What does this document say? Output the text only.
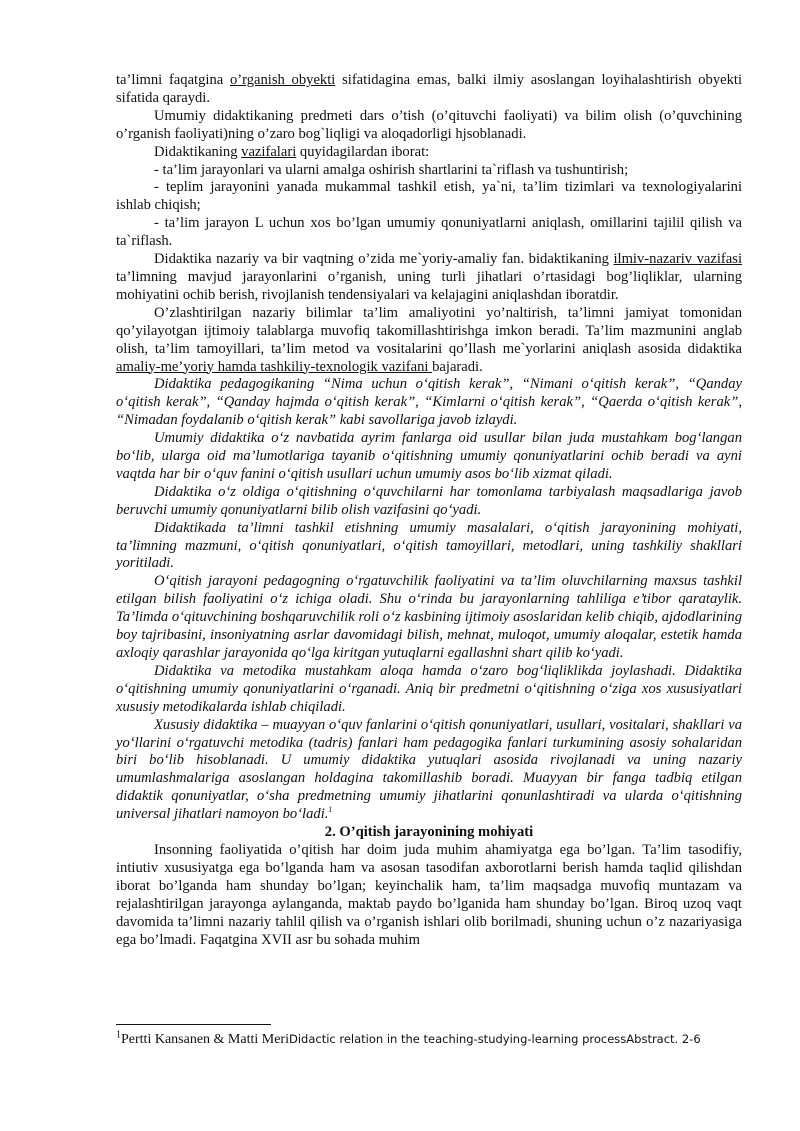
ta’limni faqatgina o’rganish obyekti sifatidagina emas, balki ilmiy asoslangan loyihalashtirish obyekti sifatida qaraydi.

Umumiy didaktikaning predmeti dars o’tish (o’qituvchi faoliyati) va bilim olish (o’quvchining o’rganish faoliyati)ning o’zaro bog`liqligi va aloqadorligi hjsoblanadi.

Didaktikaning vazifalari quyidagilardan iborat:

- ta’lim jarayonlari va ularni amalga oshirish shartlarini ta`riflash va tushuntirish;

- teplim jarayonini yanada mukammal tashkil etish, ya`ni, ta’lim tizimlari va texnologiyalarini ishlab chiqish;

- ta’lim jarayon L uchun xos bo’lgan umumiy qonuniyatlarni aniqlash, omillarini tajilil qilish va ta`riflash.

Didaktika nazariy va bir vaqtning o’zida me`yoriy-amaliy fan. bidaktikaning ilmiv-nazariv vazifasi ta’limning mavjud jarayonlarini o’rganish, uning turli jihatlari o’rtasidagi bog’liqliklar, ularning mohiyatini ochib berish, rivojlanish tendensiyalari va kelajagini aniqlashdan iboratdir.

O’zlashtirilgan nazariy bilimlar ta’lim amaliyotini yo’naltirish, ta’limni jamiyat tomonidan qo’yilayotgan ijtimoiy talablarga muvofiq takomillashtirishga imkon beradi. Ta’lim mazmunini anglab olish, ta’lim tamoyillari, ta’lim metod va vositalarini qo’llash me`yorlarini aniqlash asosida didaktika amaliy-me’yoriy hamda tashkiliy-texnologik vazifani bajaradi.

Didaktika pedagogikaning “Nima uchun o‘qitish kerak”, “Nimani o‘qitish kerak”, “Qanday o‘qitish kerak”, “Qanday hajmda o‘qitish kerak”, “Kimlarni o‘qitish kerak”, “Qaerda o‘qitish kerak”, “Nimadan foydalanib o‘qitish kerak” kabi savollariga javob izlaydi.

Umumiy didaktika o‘z navbatida ayrim fanlarga oid usullar bilan juda mustahkam bog‘langan bo‘lib, ularga oid ma’lumotlariga tayanib o‘qitishning umumiy qonuniyatlarini ochib beradi va ayni vaqtda har bir o‘quv fanini o‘qitish usullari uchun umumiy asos bo‘lib xizmat qiladi.

Didaktika o‘z oldiga o‘qitishning o‘quvchilarni har tomonlama tarbiyalash maqsadlariga javob beruvchi umumiy qonuniyatlarni bilib olish vazifasini qo‘yadi.

Didaktikada ta’limni tashkil etishning umumiy masalalari, o‘qitish jarayonining mohiyati, ta’limning mazmuni, o‘qitish qonuniyatlari, o‘qitish tamoyillari, metodlari, uning tashkiliy shakllari yoritiladi.

O‘qitish jarayoni pedagogning o‘rgatuvchilik faoliyatini va ta’lim oluvchilarning maxsus tashkil etilgan bilish faoliyatini o‘z ichiga oladi. Shu o‘rinda bu jarayonlarning tahliliga e’tibor qarataylik. Ta’limda o‘qituvchining boshqaruvchilik roli o‘z kasbining ijtimoiy asoslaridan kelib chiqib, ajdodlarining boy tajribasini, insoniyatning asrlar davomidagi bilish, mehnat, muloqot, umumiy aloqalar, estetik hamda axloqiy qarashlar jarayonida qo‘lga kiritgan yutuqlarni egallashni shart qilib ko‘yadi.

Didaktika va metodika mustahkam aloqa hamda o‘zaro bog‘liqliklikda joylashadi. Didaktika o‘qitishning umumiy qonuniyatlarini o‘rganadi. Aniq bir predmetni o‘qitishning o‘ziga xos xususiyatlari xususiy metodikalarda ishlab chiqiladi.

Xususiy didaktika – muayyan o‘quv fanlarini o‘qitish qonuniyatlari, usullari, vositalari, shakllari va yo‘llarini o‘rgatuvchi metodika (tadris) fanlari ham pedagogika fanlari turkumining asosiy sohalaridan biri bo‘lib hisoblanadi. U umumiy didaktika yutuqlari asosida rivojlanadi va uning nazariy umumlashmalariga asoslangan holdagina takomillashib boradi. Muayyan bir fanga tadbiq etilgan didaktik qonuniyatlar, o‘sha predmetning umumiy jihatlarini qonunlashtiradi va ularda o‘qitishning universal jihatlari namoyon bo‘ladi.$^1$

2. O’qitish jarayonining mohiyati

Insonning faoliyatida o’qitish har doim juda muhim ahamiyatga ega bo’lgan. Ta’lim tasodifiy, intiutiv xususiyatga ega bo’lganda ham va asosan tasodifan axborotlarni berish hamda taqlid qilishdan iborat bo’lganda ham shunday bo’lgan; keyinchalik ham, ta’lim maqsadga muvofiq muntazam va rejalashtirilgan jarayonga aylanganda, maktab paydo bo’lganida ham shunday bo’lgan. Biroq uzoq vaqt davomida ta’limni nazariy tahlil qilish va o’rganish ishlari olib borilmadi, shuning uchun o’z nazariyasiga ega bo’lmadi. Faqatgina XVII asr bu sohada muhim

$^1$Pertti Kansanen & Matti MeriDidactic relation in the teaching-studying-learning processAbstract. 2-6
